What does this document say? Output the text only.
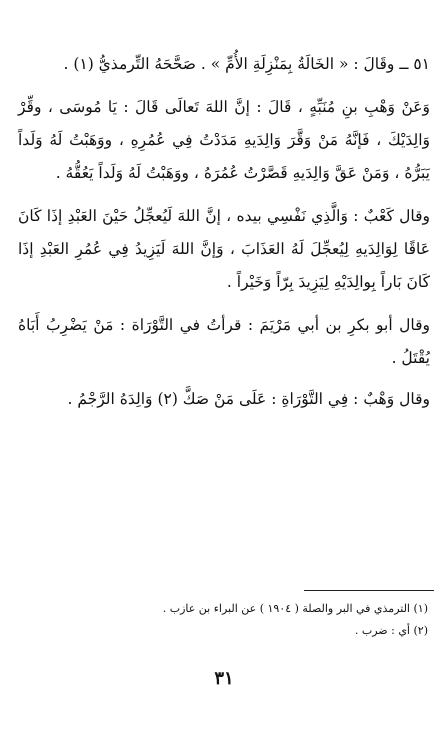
٥١ ــ وقَالَ : « الخَالَةُ بِمَنْزِلَةِ الأُمِّ » . صَحَّحَهُ التِّرمذيُّ (١) .

وَعَنْ وَهْبِ بنِ مُنَبِّهٍ ، قَالَ : إنَّ اللهَ تَعالَى قَالَ : يَا مُوسَى ، وقِّرْ وَالِدَيْكَ ، فَإنَّهُ مَنْ وَقَّرَ وَالِدَيهِ مَدَدْتُ فِي عُمُرِهِ ، ووَهَبْتُ لَهُ وَلَداً يَبَرُّهُ ، وَمَنْ عَقَّ وَالِدَيهِ قَصَّرْتُ عُمُرَهُ ، ووَهَبْتُ لَهُ وَلَداً يَعُقُّهُ .

وقال كَعْبٌ : وَالَّذِي نَفْسِي بيده ، إنَّ اللهَ لَيُعجِّلُ حَيْنَ العَبْدِ إذَا كَانَ عَاقًا لِوَالِدَيهِ لِيُعجِّلَ لَهُ العَذَابَ ، وَإنَّ اللهَ لَيَزِيدُ فِي عُمُرِ العَبْدِ إذَا كَانَ بَاراً بِوالِدَيْهِ لِيَزِيدَ بِرّاً وَخَيْراً .

وقال أبو بكرِ بن أبي مَرْيَمَ : قرأتُ في التَّوْرَاة : مَنْ يَضْرِبُ أَبَاهُ يُقْتَلُ .

وقال وَهْبٌ : فِي التَّوْرَاةِ : عَلَى مَنْ صَكَّ (٢) وَالِدَهُ الرَّجْمُ .

(١) الترمذي في البر والصلة ( ١٩٠٤ ) عن البراء بن عازب .

(٢) أي : ضرب .

٣١
